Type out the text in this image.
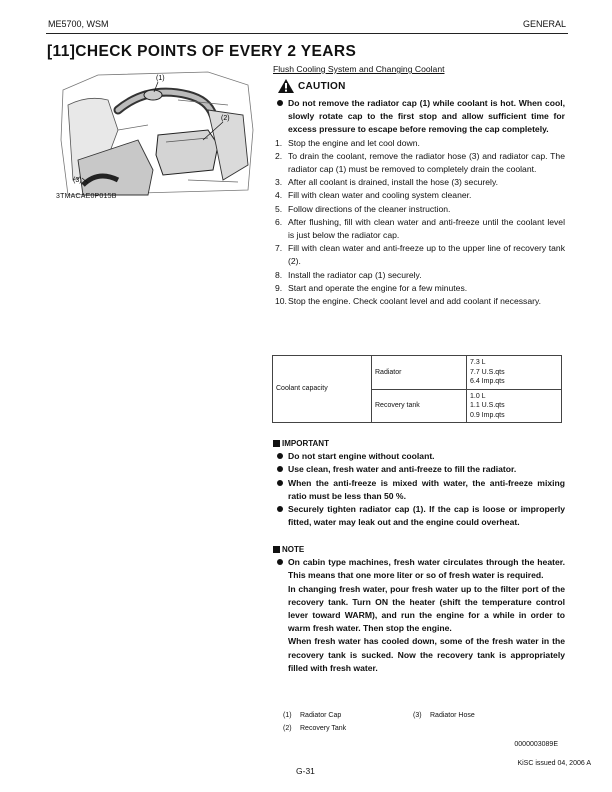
ME5700, WSM	GENERAL
[11]CHECK POINTS OF EVERY 2 YEARS
(1)
(2)
(3)
3TMACAE0P015B
Flush Cooling System and Changing Coolant
CAUTION
Do not remove the radiator cap (1) while coolant is hot. When cool, slowly rotate cap to the first stop and allow sufficient time for excess pressure to escape before removing the cap completely.
1. Stop the engine and let cool down.
2. To drain the coolant, remove the radiator hose (3) and radiator cap. The radiator cap (1) must be removed to completely drain the coolant.
3. After all coolant is drained, install the hose (3) securely.
4. Fill with clean water and cooling system cleaner.
5. Follow directions of the cleaner instruction.
6. After flushing, fill with clean water and anti-freeze until the coolant level is just below the radiator cap.
7. Fill with clean water and anti-freeze up to the upper line of recovery tank (2).
8. Install the radiator cap (1) securely.
9. Start and operate the engine for a few minutes.
10. Stop the engine. Check coolant level and add coolant if necessary.
Coolant capacity	Radiator	7.3 L
7.7 U.S.qts
6.4 Imp.qts

	Recovery tank	1.0 L
1.1 U.S.qts
0.9 Imp.qts
IMPORTANT
Do not start engine without coolant.
Use clean, fresh water and anti-freeze to fill the radiator.
When the anti-freeze is mixed with water, the anti-freeze mixing ratio must be less than 50 %.
Securely tighten radiator cap (1). If the cap is loose or improperly fitted, water may leak out and the engine could overheat.
NOTE
On cabin type machines, fresh water circulates through the heater. This means that one more liter or so of fresh water is required.
In changing fresh water, pour fresh water up to the filter port of the recovery tank. Turn ON the heater (shift the temperature control lever toward WARM), and run the engine for a while in order to warm fresh water. Then stop the engine.
When fresh water has cooled down, some of the fresh water in the recovery tank is sucked. Now the recovery tank is appropriately filled with fresh water.
(1) Radiator Cap	(3) Radiator Hose
(2) Recovery Tank
0000003089E
KiSC issued 04, 2006 A
G-31
